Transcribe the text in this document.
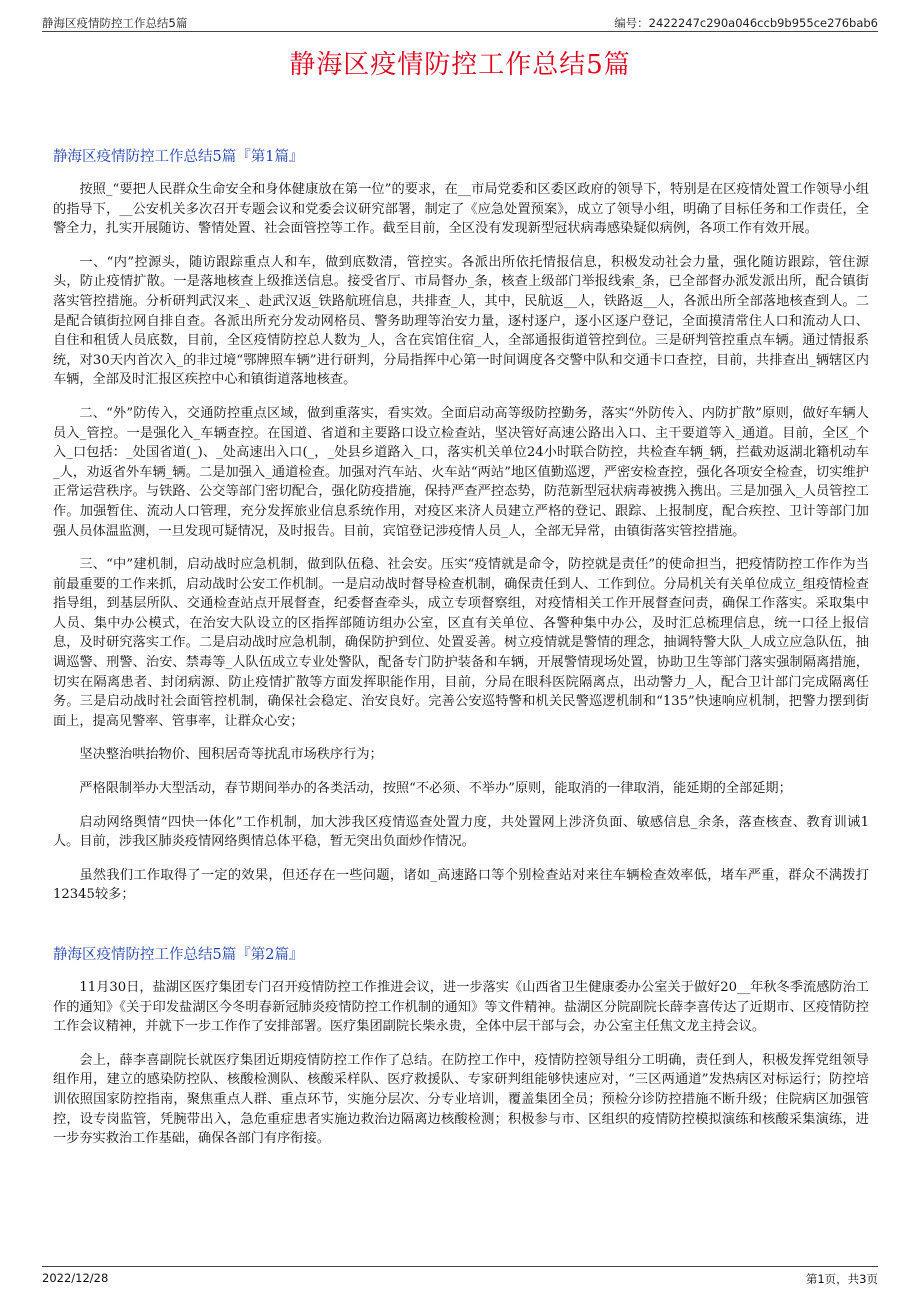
静海区疫情防控工作总结5篇	编号：2422247c290a046ccb9b955ce276bab6
静海区疫情防控工作总结5篇
静海区疫情防控工作总结5篇『第1篇』

按照_“要把人民群众生命安全和身体健康放在第一位”的要求，在__市局党委和区委区政府的领导下，特别是在区疫情处置工作领导小组的指导下，__公安机关多次召开专题会议和党委会议研究部署，制定了《应急处置预案》，成立了领导小组，明确了目标任务和工作责任，全警全力，扎实开展随访、警情处置、社会面管控等工作。截至目前，全区没有发现新型冠状病毒感染疑似病例，各项工作有效开展。

一、“内”控源头，随访跟踪重点人和车，做到底数清，管控实。各派出所依托情报信息，积极发动社会力量，强化随访跟踪，管住源头，防止疫情扩散。一是落地核查上级推送信息。接受省厅、市局督办_条，核查上级部门举报线索_条，已全部督办派发派出所，配合镇街落实管控措施。分析研判武汉来_、赴武汉返_铁路航班信息，共排查_人，其中，民航返__人，铁路返__人，各派出所全部落地核查到人。二是配合镇街拉网自排自查。各派出所充分发动网格员、警务助理等治安力量，逐村逐户，逐小区逐户登记，全面摸清常住人口和流动人口、自住和租赁人员底数，目前，全区疫情防控总人数为_人，含在宾馆住宿_人，全部通报街道管控到位。三是研判管控重点车辆。通过情报系统，对30天内首次入_的非过境“鄂牌照车辆”进行研判，分局指挥中心第一时间调度各交警中队和交通卡口查控，目前，共排查出_辆辖区内车辆，全部及时汇报区疾控中心和镇街道落地核查。

二、“外”防传入，交通防控重点区域，做到重落实，看实效。全面启动高等级防控勤务，落实“外防传入、内防扩散”原则，做好车辆人员入_管控。一是强化入_车辆查控。在国道、省道和主要路口设立检查站，坚决管好高速公路出入口、主干要道等入_通道。目前，全区_个入_口包括：_处国省道(_)、_处高速出入口(_，_处县乡道路入_口，落实机关单位24小时联合防控，共检查车辆_辆，拦截劝返湖北籍机动车_人，劝返省外车辆_辆。二是加强入_通道检查。加强对汽车站、火车站“两站”地区值勤巡逻，严密安检查控，强化各项安全检查，切实维护正常运营秩序。与铁路、公交等部门密切配合，强化防疫措施，保持严查严控态势，防范新型冠状病毒被携入携出。三是加强入_人员管控工作。加强暂住、流动人口管理，充分发挥旅业信息系统作用，对疫区来济人员建立严格的登记、跟踪、上报制度，配合疾控、卫计等部门加强人员体温监测，一旦发现可疑情况，及时报告。目前，宾馆登记涉疫情人员_人，全部无异常，由镇街落实管控措施。

三、“中”建机制，启动战时应急机制，做到队伍稳、社会安。压实“疫情就是命令，防控就是责任”的使命担当，把疫情防控工作作为当前最重要的工作来抓，启动战时公安工作机制。一是启动战时督导检查机制，确保责任到人、工作到位。分局机关有关单位成立_组疫情检查指导组，到基层所队、交通检查站点开展督查，纪委督查牵头，成立专项督察组，对疫情相关工作开展督查问责，确保工作落实。采取集中人员、集中办公模式，在治安大队设立的区指挥部随访组办公室，区直有关单位、各警种集中办公，及时汇总梳理信息，统一口径上报信息，及时研究落实工作。二是启动战时应急机制，确保防护到位、处置妥善。树立疫情就是警情的理念，抽调特警大队_人成立应急队伍，抽调巡警、刑警、治安、禁毒等_人队伍成立专业处警队，配备专门防护装备和车辆，开展警情现场处置，协助卫生等部门落实强制隔离措施，切实在隔离患者、封闭病源、防止疫情扩散等方面发挥职能作用，目前，分局在眼科医院隔离点，出动警力_人，配合卫计部门完成隔离任务。三是启动战时社会面管控机制，确保社会稳定、治安良好。完善公安巡特警和机关民警巡逻机制和“135”快速响应机制，把警力摆到街面上，提高见警率、管事率，让群众心安；

坚决整治哄抬物价、囤积居奇等扰乱市场秩序行为；

严格限制举办大型活动，春节期间举办的各类活动，按照“不必须、不举办”原则，能取消的一律取消，能延期的全部延期；

启动网络舆情“四快一体化”工作机制，加大涉我区疫情巡查处置力度，共处置网上涉济负面、敏感信息_余条，落查核查、教育训诫1人。目前，涉我区肺炎疫情网络舆情总体平稳，暂无突出负面炒作情况。

虽然我们工作取得了一定的效果，但还存在一些问题，诸如_高速路口等个别检查站对来往车辆检查效率低，堵车严重，群众不满拨打12345较多；

静海区疫情防控工作总结5篇『第2篇』

11月30日，盐湖区医疗集团专门召开疫情防控工作推进会议，进一步落实《山西省卫生健康委办公室关于做好20__年秋冬季流感防治工作的通知》《关于印发盐湖区今冬明春新冠肺炎疫情防控工作机制的通知》等文件精神。盐湖区分院副院长薛李喜传达了近期市、区疫情防控工作会议精神，并就下一步工作作了安排部署。医疗集团副院长柴永贵，全体中层干部与会，办公室主任焦文龙主持会议。

会上，薛李喜副院长就医疗集团近期疫情防控工作作了总结。在防控工作中，疫情防控领导组分工明确，责任到人，积极发挥党组领导组作用，建立的感染防控队、核酸检测队、核酸采样队、医疗救援队、专家研判组能够快速应对，“三区两通道”发热病区对标运行；防控培训依照国家防控指南，聚焦重点人群、重点环节，实施分层次、分专业培训，覆盖集团全员；预检分诊防控措施不断升级；住院病区加强管控，设专岗监管，凭腕带出入，急危重症患者实施边救治边隔离边核酸检测；积极参与市、区组织的疫情防控模拟演练和核酸采集演练，进一步夯实救治工作基础，确保各部门有序衔接。

2022/12/28	第1页，共3页
